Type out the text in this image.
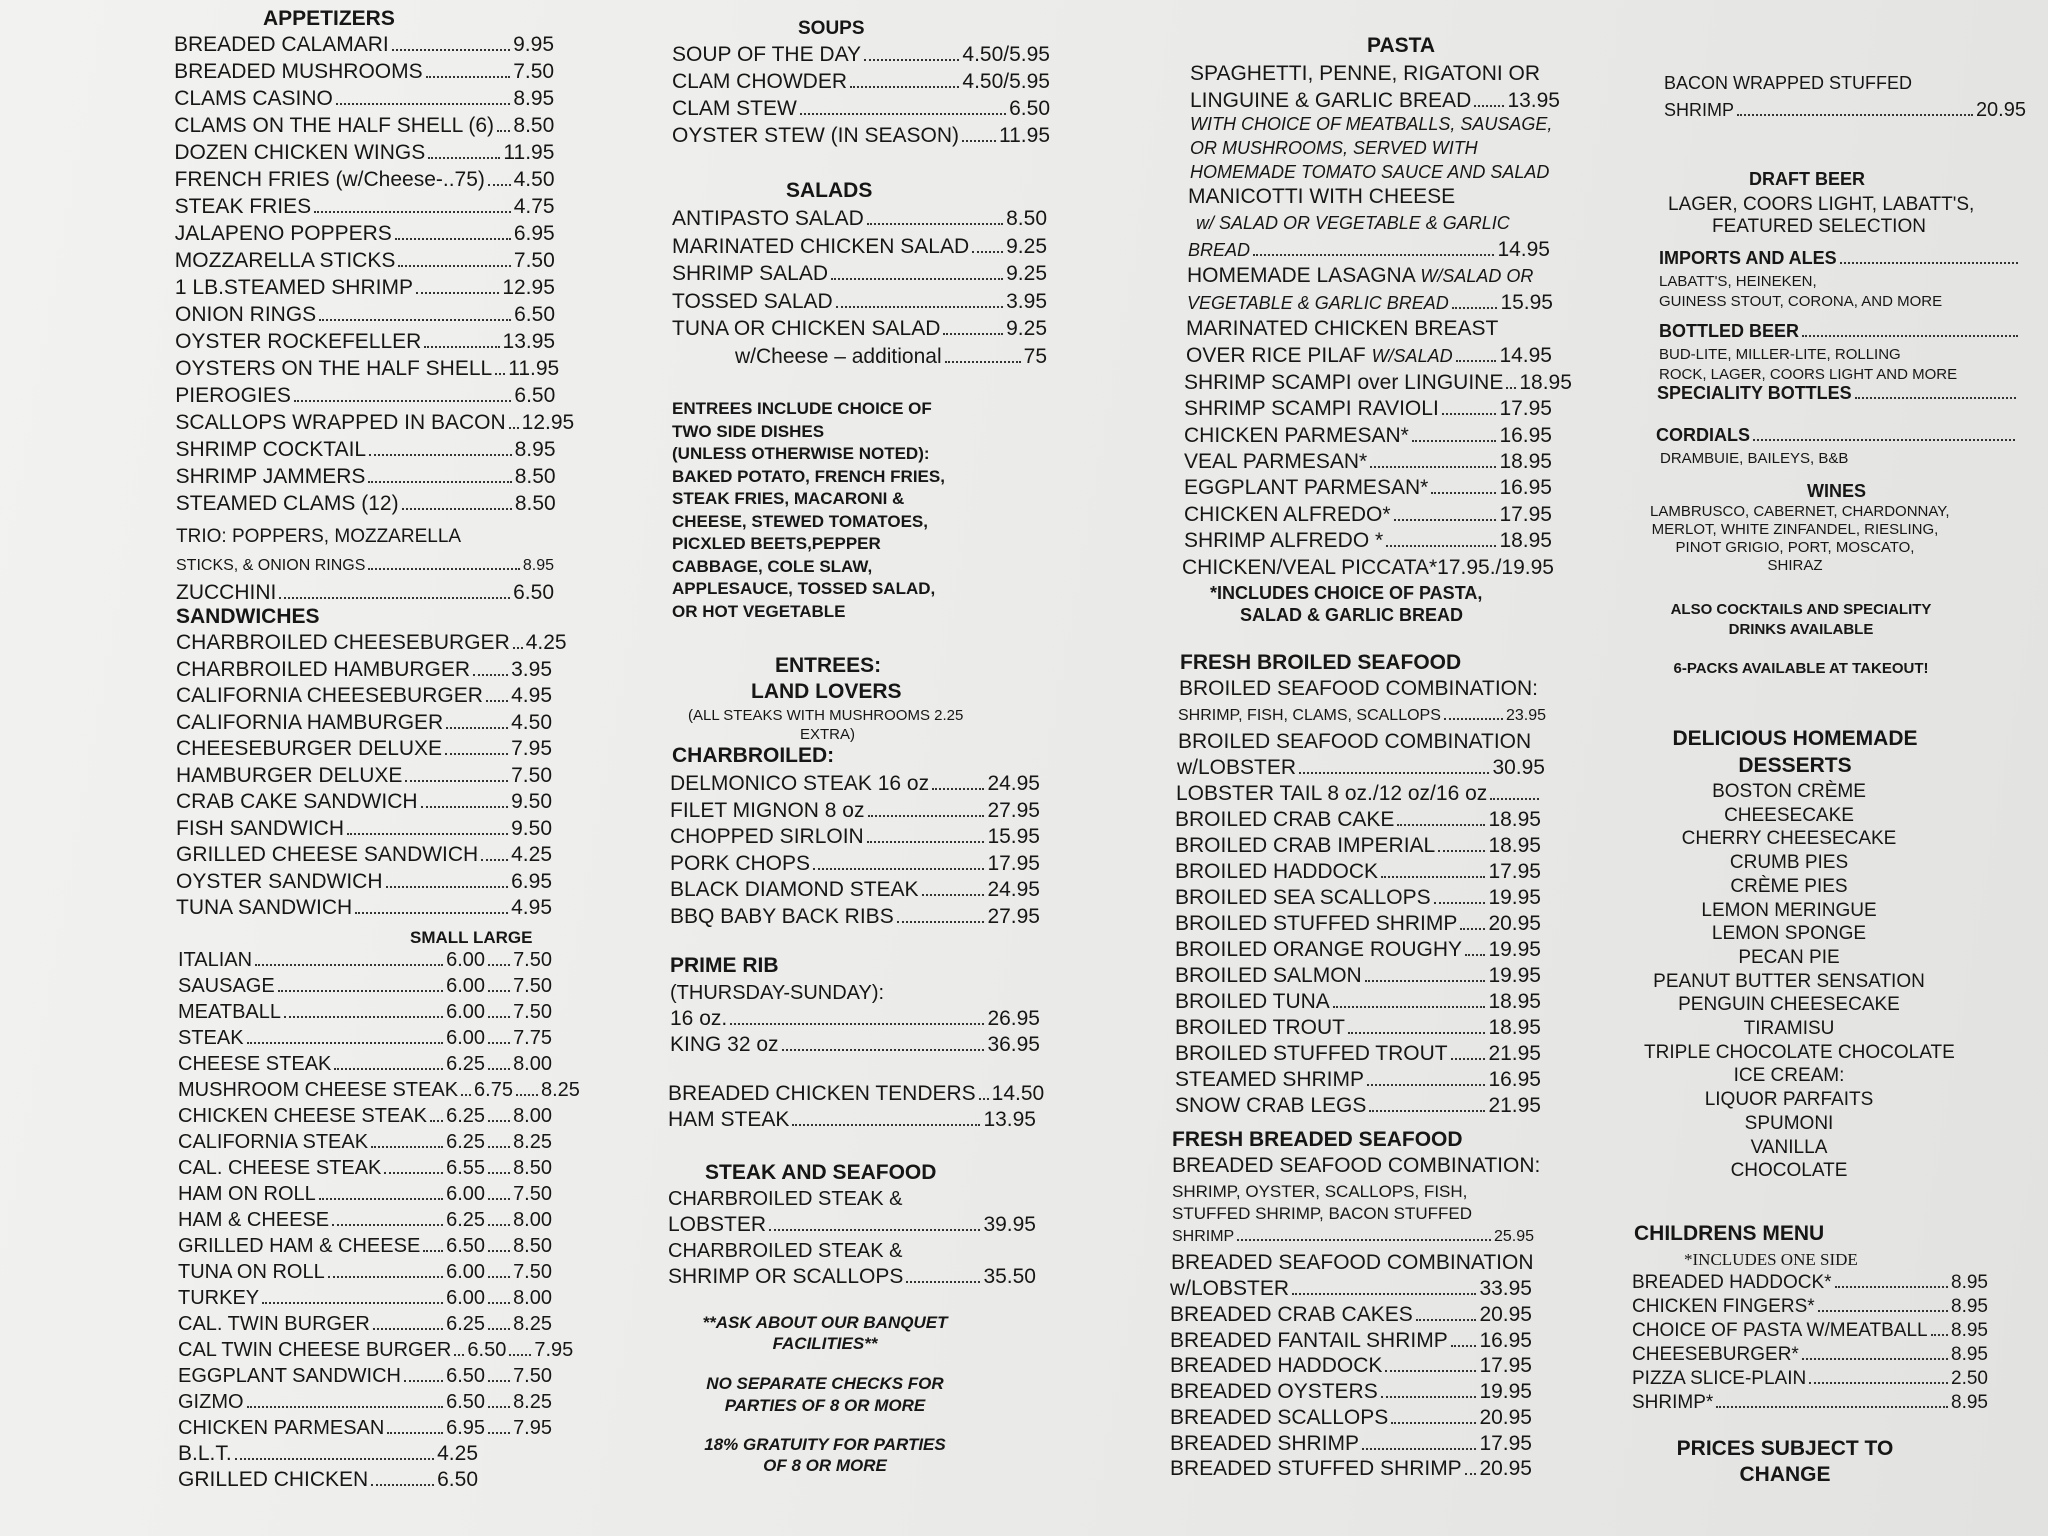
APPETIZERS
BREADED CALAMARI	9.95
BREADED MUSHROOMS	7.50
CLAMS CASINO	8.95
CLAMS ON THE HALF SHELL (6) 8.50
DOZEN CHICKEN WINGS	11.95
FRENCH FRIES (w/Cheese-..75) 4.50
STEAK FRIES	4.75
JALAPENO POPPERS	6.95
MOZZARELLA STICKS	7.50
1 LB.STEAMED SHRIMP	12.95
ONION RINGS	6.50
OYSTER ROCKEFELLER	13.95
OYSTERS ON THE HALF SHELL 11.95
PIEROGIES	6.50
SCALLOPS WRAPPED IN BACON 12.95
SHRIMP COCKTAIL	8.95
SHRIMP JAMMERS	8.50
STEAMED CLAMS (12)	8.50
TRIO: POPPERS, MOZZARELLA
STICKS, & ONION RINGS	8.95
ZUCCHINI	6.50
SANDWICHES
CHARBROILED CHEESEBURGER 4.25
CHARBROILED HAMBURGER 3.95
CALIFORNIA CHEESEBURGER 4.95
CALIFORNIA HAMBURGER	4.50
CHEESEBURGER DELUXE	7.95
HAMBURGER DELUXE	7.50
CRAB CAKE SANDWICH	9.50
FISH SANDWICH	9.50
GRILLED CHEESE SANDWICH 4.25
OYSTER SANDWICH	6.95
TUNA SANDWICH	4.95
SMALL LARGE
ITALIAN	6.00 7.50
SAUSAGE	6.00 7.50
MEATBALL	6.00 7.50
STEAK	6.00 7.75
CHEESE STEAK	6.25 8.00
MUSHROOM CHEESE STEAK 6.75 8.25
CHICKEN CHEESE STEAK 6.25 8.00
CALIFORNIA STEAK	6.25 8.25
CAL. CHEESE STEAK	6.55 8.50
HAM ON ROLL	6.00 7.50
HAM & CHEESE	6.25 8.00
GRILLED HAM & CHEESE 6.50 8.50
TUNA ON ROLL	6.00 7.50
TURKEY	6.00 8.00
CAL. TWIN BURGER	6.25 8.25
CAL TWIN CHEESE BURGER 6.50 7.95
EGGPLANT SANDWICH 6.50 7.50
GIZMO	6.50 8.25
CHICKEN PARMESAN	6.95 7.95
B.L.T.	4.25
GRILLED CHICKEN	6.50
SOUPS
SOUP OF THE DAY	4.50/5.95
CLAM CHOWDER	4.50/5.95
CLAM STEW	6.50
OYSTER STEW (IN SEASON) 11.95
SALADS
ANTIPASTO SALAD	8.50
MARINATED CHICKEN SALAD 9.25
SHRIMP SALAD	9.25
TOSSED SALAD	3.95
TUNA OR CHICKEN SALAD	9.25
w/Cheese – additional	75
ENTREES INCLUDE CHOICE OF
TWO SIDE DISHES
(UNLESS OTHERWISE NOTED):
BAKED POTATO, FRENCH FRIES,
STEAK FRIES, MACARONI &
CHEESE, STEWED TOMATOES,
PICXLED BEETS,PEPPER
CABBAGE, COLE SLAW,
APPLESAUCE, TOSSED SALAD,
OR HOT VEGETABLE
ENTREES:
LAND LOVERS
(ALL STEAKS WITH MUSHROOMS 2.25
EXTRA)
CHARBROILED:
DELMONICO STEAK 16 oz	24.95
FILET MIGNON 8 oz	27.95
CHOPPED SIRLOIN	15.95
PORK CHOPS	17.95
BLACK DIAMOND STEAK	24.95
BBQ BABY BACK RIBS	27.95
PRIME RIB
(THURSDAY-SUNDAY):
16 oz.	26.95
KING 32 oz	36.95
BREADED CHICKEN TENDERS 14.50
HAM STEAK	13.95
STEAK AND SEAFOOD
CHARBROILED STEAK &
LOBSTER	39.95
CHARBROILED STEAK &
SHRIMP OR SCALLOPS	35.50
**ASK ABOUT OUR BANQUET
FACILITIES**
NO SEPARATE CHECKS FOR
PARTIES OF 8 OR MORE
18% GRATUITY FOR PARTIES
OF 8 OR MORE
PASTA
SPAGHETTI, PENNE, RIGATONI OR
LINGUINE & GARLIC BREAD 13.95
WITH CHOICE OF MEATBALLS, SAUSAGE,
OR MUSHROOMS, SERVED WITH
HOMEMADE TOMATO SAUCE AND SALAD
MANICOTTI WITH CHEESE
w/ SALAD OR VEGETABLE & GARLIC
BREAD	14.95
HOMEMADE LASAGNA W/SALAD OR
VEGETABLE & GARLIC BREAD 15.95
MARINATED CHICKEN BREAST
OVER RICE PILAF W/SALAD 14.95
SHRIMP SCAMPI over LINGUINE 18.95
SHRIMP SCAMPI RAVIOLI	17.95
CHICKEN PARMESAN*	16.95
VEAL PARMESAN*	18.95
EGGPLANT PARMESAN*	16.95
CHICKEN ALFREDO*	17.95
SHRIMP ALFREDO *	18.95
CHICKEN/VEAL PICCATA*17.95./19.95
*INCLUDES CHOICE OF PASTA,
SALAD & GARLIC BREAD
FRESH BROILED SEAFOOD
BROILED SEAFOOD COMBINATION:
SHRIMP, FISH, CLAMS, SCALLOPS	23.95
BROILED SEAFOOD COMBINATION
w/LOBSTER	30.95
LOBSTER TAIL 8 oz./12 oz/16 oz
BROILED CRAB CAKE	18.95
BROILED CRAB IMPERIAL	18.95
BROILED HADDOCK	17.95
BROILED SEA SCALLOPS	19.95
BROILED STUFFED SHRIMP 20.95
BROILED ORANGE ROUGHY 19.95
BROILED SALMON	19.95
BROILED TUNA	18.95
BROILED TROUT	18.95
BROILED STUFFED TROUT 21.95
STEAMED SHRIMP	16.95
SNOW CRAB LEGS	21.95
FRESH BREADED SEAFOOD
BREADED SEAFOOD COMBINATION:
SHRIMP, OYSTER, SCALLOPS, FISH,
STUFFED SHRIMP, BACON STUFFED
SHRIMP	25.95
BREADED SEAFOOD COMBINATION
w/LOBSTER	33.95
BREADED CRAB CAKES	20.95
BREADED FANTAIL SHRIMP 16.95
BREADED HADDOCK	17.95
BREADED OYSTERS	19.95
BREADED SCALLOPS	20.95
BREADED SHRIMP	17.95
BREADED STUFFED SHRIMP 20.95
BACON WRAPPED STUFFED
SHRIMP	20.95
DRAFT BEER
LAGER, COORS LIGHT, LABATT'S,
FEATURED SELECTION
IMPORTS AND ALES
LABATT'S, HEINEKEN,
GUINESS STOUT, CORONA, AND MORE
BOTTLED BEER
BUD-LITE, MILLER-LITE, ROLLING
ROCK, LAGER, COORS LIGHT AND MORE
SPECIALITY BOTTLES
CORDIALS
DRAMBUIE, BAILEYS, B&B
WINES
LAMBRUSCO, CABERNET, CHARDONNAY,
MERLOT, WHITE ZINFANDEL, RIESLING,
PINOT GRIGIO, PORT, MOSCATO,
SHIRAZ
ALSO COCKTAILS AND SPECIALITY
DRINKS AVAILABLE
6-PACKS AVAILABLE AT TAKEOUT!
DELICIOUS HOMEMADE
DESSERTS
BOSTON CRÈME
CHEESECAKE
CHERRY CHEESECAKE
CRUMB PIES
CRÈME PIES
LEMON MERINGUE
LEMON SPONGE
PECAN PIE
PEANUT BUTTER SENSATION
PENGUIN CHEESECAKE
TIRAMISU
TRIPLE CHOCOLATE CHOCOLATE
ICE CREAM:
LIQUOR PARFAITS
SPUMONI
VANILLA
CHOCOLATE
CHILDRENS MENU
*INCLUDES ONE SIDE
BREADED HADDOCK*	8.95
CHICKEN FINGERS*	8.95
CHOICE OF PASTA W/MEATBALL 8.95
CHEESEBURGER*	8.95
PIZZA SLICE-PLAIN	2.50
SHRIMP*	8.95
PRICES SUBJECT TO
CHANGE
